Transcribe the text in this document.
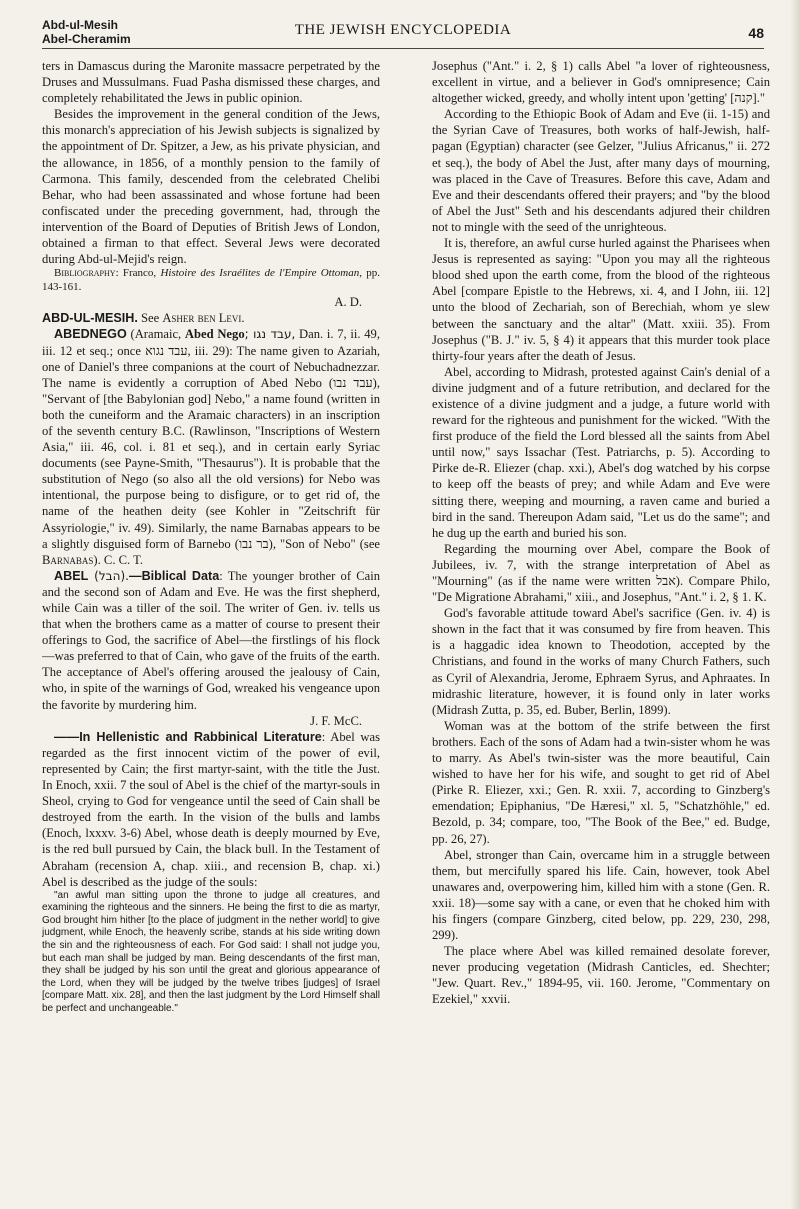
Abd-ul-Mesih
Abel-Cheramim
THE JEWISH ENCYCLOPEDIA	48

ters in Damascus during the Maronite massacre perpetrated by the Druses and Mussulmans. Fuad Pasha dismissed these charges, and completely rehabilitated the Jews in public opinion.

Besides the improvement in the general condition of the Jews, this monarch's appreciation of his Jewish subjects is signalized by the appointment of Dr. Spitzer, a Jew, as his private physician, and the allowance, in 1856, of a monthly pension to the family of Carmona. This family, descended from the celebrated Chelibi Behar, who had been assassinated and whose fortune had been confiscated under the preceding government, had, through the intervention of the Board of Deputies of British Jews of London, obtained a firman to that effect. Several Jews were decorated during Abd-ul-Mejid's reign.

Bibliography: Franco, Histoire des Israélites de l'Empire Ottoman, pp. 143-161.

A. D.

ABD-UL-MESIH. See Asher ben Levi.

ABEDNEGO (Aramaic, Abed Nego; עבד נגו, Dan. i. 7, ii. 49, iii. 12 et seq.; once עבד נגוא, iii. 29): The name given to Azariah, one of Daniel's three companions at the court of Nebuchadnezzar. The name is evidently a corruption of Abed Nebo (עבד נבו), "Servant of [the Babylonian god] Nebo," a name found (written in both the cuneiform and the Aramaic characters) in an inscription of the seventh century B.C. (Rawlinson, "Inscriptions of Western Asia," iii. 46, col. i. 81 et seq.), and in certain early Syriac documents (see Payne-Smith, "Thesaurus"). It is probable that the substitution of Nego (so also all the old versions) for Nebo was intentional, the purpose being to disfigure, or to get rid of, the name of the heathen deity (see Kohler in "Zeitschrift für Assyriologie," iv. 49). Similarly, the name Barnabas appears to be a slightly disguised form of Barnebo (בר נבו), "Son of Nebo" (see Barnabas). C. C. T.

ABEL (הבל).—Biblical Data: The younger brother of Cain and the second son of Adam and Eve. He was the first shepherd, while Cain was a tiller of the soil. The writer of Gen. iv. tells us that when the brothers came as a matter of course to present their offerings to God, the sacrifice of Abel—the firstlings of his flock—was preferred to that of Cain, who gave of the fruits of the earth. The acceptance of Abel's offering aroused the jealousy of Cain, who, in spite of the warnings of God, wreaked his vengeance upon the favorite by murdering him.

J. F. McC.

——In Hellenistic and Rabbinical Literature: Abel was regarded as the first innocent victim of the power of evil, represented by Cain; the first martyr-saint, with the title the Just. In Enoch, xxii. 7 the soul of Abel is the chief of the martyr-souls in Sheol, crying to God for vengeance until the seed of Cain shall be destroyed from the earth. In the vision of the bulls and lambs (Enoch, lxxxv. 3-6) Abel, whose death is deeply mourned by Eve, is the red bull pursued by Cain, the black bull. In the Testament of Abraham (recension A, chap. xiii., and recension B, chap. xi.) Abel is described as the judge of the souls:

"an awful man sitting upon the throne to judge all creatures, and examining the righteous and the sinners. He being the first to die as martyr, God brought him hither [to the place of judgment in the nether world] to give judgment, while Enoch, the heavenly scribe, stands at his side writing down the sin and the righteousness of each. For God said: I shall not judge you, but each man shall be judged by man. Being descendants of the first man, they shall be judged by his son until the great and glorious appearance of the Lord, when they will be judged by the twelve tribes [judges] of Israel [compare Matt. xix. 28], and then the last judgment by the Lord Himself shall be perfect and unchangeable."

Josephus ("Ant." i. 2, § 1) calls Abel "a lover of righteousness, excellent in virtue, and a believer in God's omnipresence; Cain altogether wicked, greedy, and wholly intent upon 'getting' [קנה]."

According to the Ethiopic Book of Adam and Eve (ii. 1-15) and the Syrian Cave of Treasures, both works of half-Jewish, half-pagan (Egyptian) character (see Gelzer, "Julius Africanus," ii. 272 et seq.), the body of Abel the Just, after many days of mourning, was placed in the Cave of Treasures. Before this cave, Adam and Eve and their descendants offered their prayers; and "by the blood of Abel the Just" Seth and his descendants adjured their children not to mingle with the seed of the unrighteous.

It is, therefore, an awful curse hurled against the Pharisees when Jesus is represented as saying: "Upon you may all the righteous blood shed upon the earth come, from the blood of the righteous Abel [compare Epistle to the Hebrews, xi. 4, and I John, iii. 12] unto the blood of Zechariah, son of Berechiah, whom ye slew between the sanctuary and the altar" (Matt. xxiii. 35). From Josephus ("B. J." iv. 5, § 4) it appears that this murder took place thirty-four years after the death of Jesus.

Abel, according to Midrash, protested against Cain's denial of a divine judgment and of a future retribution, and declared for the existence of a divine judgment and a judge, a future world with reward for the righteous and punishment for the wicked. "With the first produce of the field the Lord blessed all the saints from Abel until now," says Issachar (Test. Patriarchs, p. 5). According to Pirke de-R. Eliezer (chap. xxi.), Abel's dog watched by his corpse to keep off the beasts of prey; and while Adam and Eve were sitting there, weeping and mourning, a raven came and buried a bird in the sand. Thereupon Adam said, "Let us do the same"; and he dug up the earth and buried his son.

Regarding the mourning over Abel, compare the Book of Jubilees, iv. 7, with the strange interpretation of Abel as "Mourning" (as if the name were written אבל). Compare Philo, "De Migratione Abrahami," xiii., and Josephus, "Ant." i. 2, § 1. K.

God's favorable attitude toward Abel's sacrifice (Gen. iv. 4) is shown in the fact that it was consumed by fire from heaven. This is a haggadic idea known to Theodotion, accepted by the Christians, and found in the works of many Church Fathers, such as Cyril of Alexandria, Jerome, Ephraem Syrus, and Aphraates. In midrashic literature, however, it is found only in later works (Midrash Zutta, p. 35, ed. Buber, Berlin, 1899).

Woman was at the bottom of the strife between the first brothers. Each of the sons of Adam had a twin-sister whom he was to marry. As Abel's twin-sister was the more beautiful, Cain wished to have her for his wife, and sought to get rid of Abel (Pirke R. Eliezer, xxi.; Gen. R. xxii. 7, according to Ginzberg's emendation; Epiphanius, "De Hæresi," xl. 5, "Schatzhöhle," ed. Bezold, p. 34; compare, too, "The Book of the Bee," ed. Budge, pp. 26, 27).

Abel, stronger than Cain, overcame him in a struggle between them, but mercifully spared his life. Cain, however, took Abel unawares and, overpowering him, killed him with a stone (Gen. R. xxii. 18)—some say with a cane, or even that he choked him with his fingers (compare Ginzberg, cited below, pp. 229, 230, 298, 299).

The place where Abel was killed remained desolate forever, never producing vegetation (Midrash Canticles, ed. Shechter; "Jew. Quart. Rev.," 1894-95, vii. 160. Jerome, "Commentary on Ezekiel," xxvii.
